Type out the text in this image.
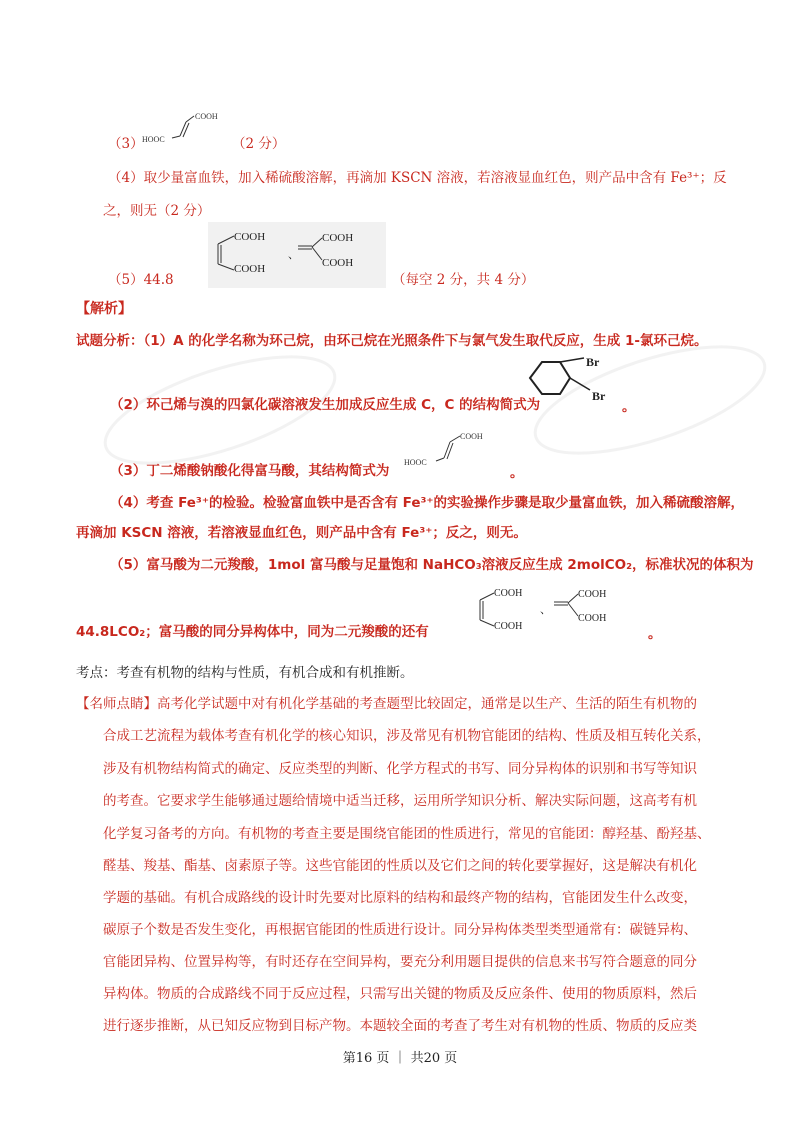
（3）
COOH
HOOC	（2 分）
（4）取少量富血铁，加入稀硫酸溶解，再滴加 KSCN 溶液，若溶液显血红色，则产品中含有 Fe³⁺；反
之，则无（2 分）
COOH
COOH
、
COOH
COOH
（5）44.8	（每空 2 分，共 4 分）
【解析】
试题分析：（1）A 的化学名称为环己烷，由环己烷在光照条件下与氯气发生取代反应，生成 1-氯环己烷。
（2）环己烯与溴的四氯化碳溶液发生加成反应生成 C，C 的结构简式为
Br
Br
。
（3）丁二烯酸钠酸化得富马酸，其结构简式为
COOH
HOOC
。
（4）考查 Fe³⁺的检验。检验富血铁中是否含有 Fe³⁺的实验操作步骤是取少量富血铁，加入稀硫酸溶解，
再滴加 KSCN 溶液，若溶液显血红色，则产品中含有 Fe³⁺；反之，则无。
（5）富马酸为二元羧酸，1mol 富马酸与足量饱和 NaHCO₃溶液反应生成 2molCO₂，标准状况的体积为
44.8LCO₂；富马酸的同分异构体中，同为二元羧酸的还有
COOH
COOH
、
COOH
COOH
。
考点：考查有机物的结构与性质，有机合成和有机推断。
【名师点睛】高考化学试题中对有机化学基础的考查题型比较固定，通常是以生产、生活的陌生有机物的
合成工艺流程为载体考查有机化学的核心知识，涉及常见有机物官能团的结构、性质及相互转化关系，
涉及有机物结构简式的确定、反应类型的判断、化学方程式的书写、同分异构体的识别和书写等知识
的考查。它要求学生能够通过题给情境中适当迁移，运用所学知识分析、解决实际问题，这高考有机
化学复习备考的方向。有机物的考查主要是围绕官能团的性质进行，常见的官能团：醇羟基、酚羟基、
醛基、羧基、酯基、卤素原子等。这些官能团的性质以及它们之间的转化要掌握好，这是解决有机化
学题的基础。有机合成路线的设计时先要对比原料的结构和最终产物的结构，官能团发生什么改变，
碳原子个数是否发生变化，再根据官能团的性质进行设计。同分异构体类型类型通常有：碳链异构、
官能团异构、位置异构等，有时还存在空间异构，要充分利用题目提供的信息来书写符合题意的同分
异构体。物质的合成路线不同于反应过程，只需写出关键的物质及反应条件、使用的物质原料，然后
进行逐步推断，从已知反应物到目标产物。本题较全面的考查了考生对有机物的性质、物质的反应类
第16 页 ｜ 共20 页
